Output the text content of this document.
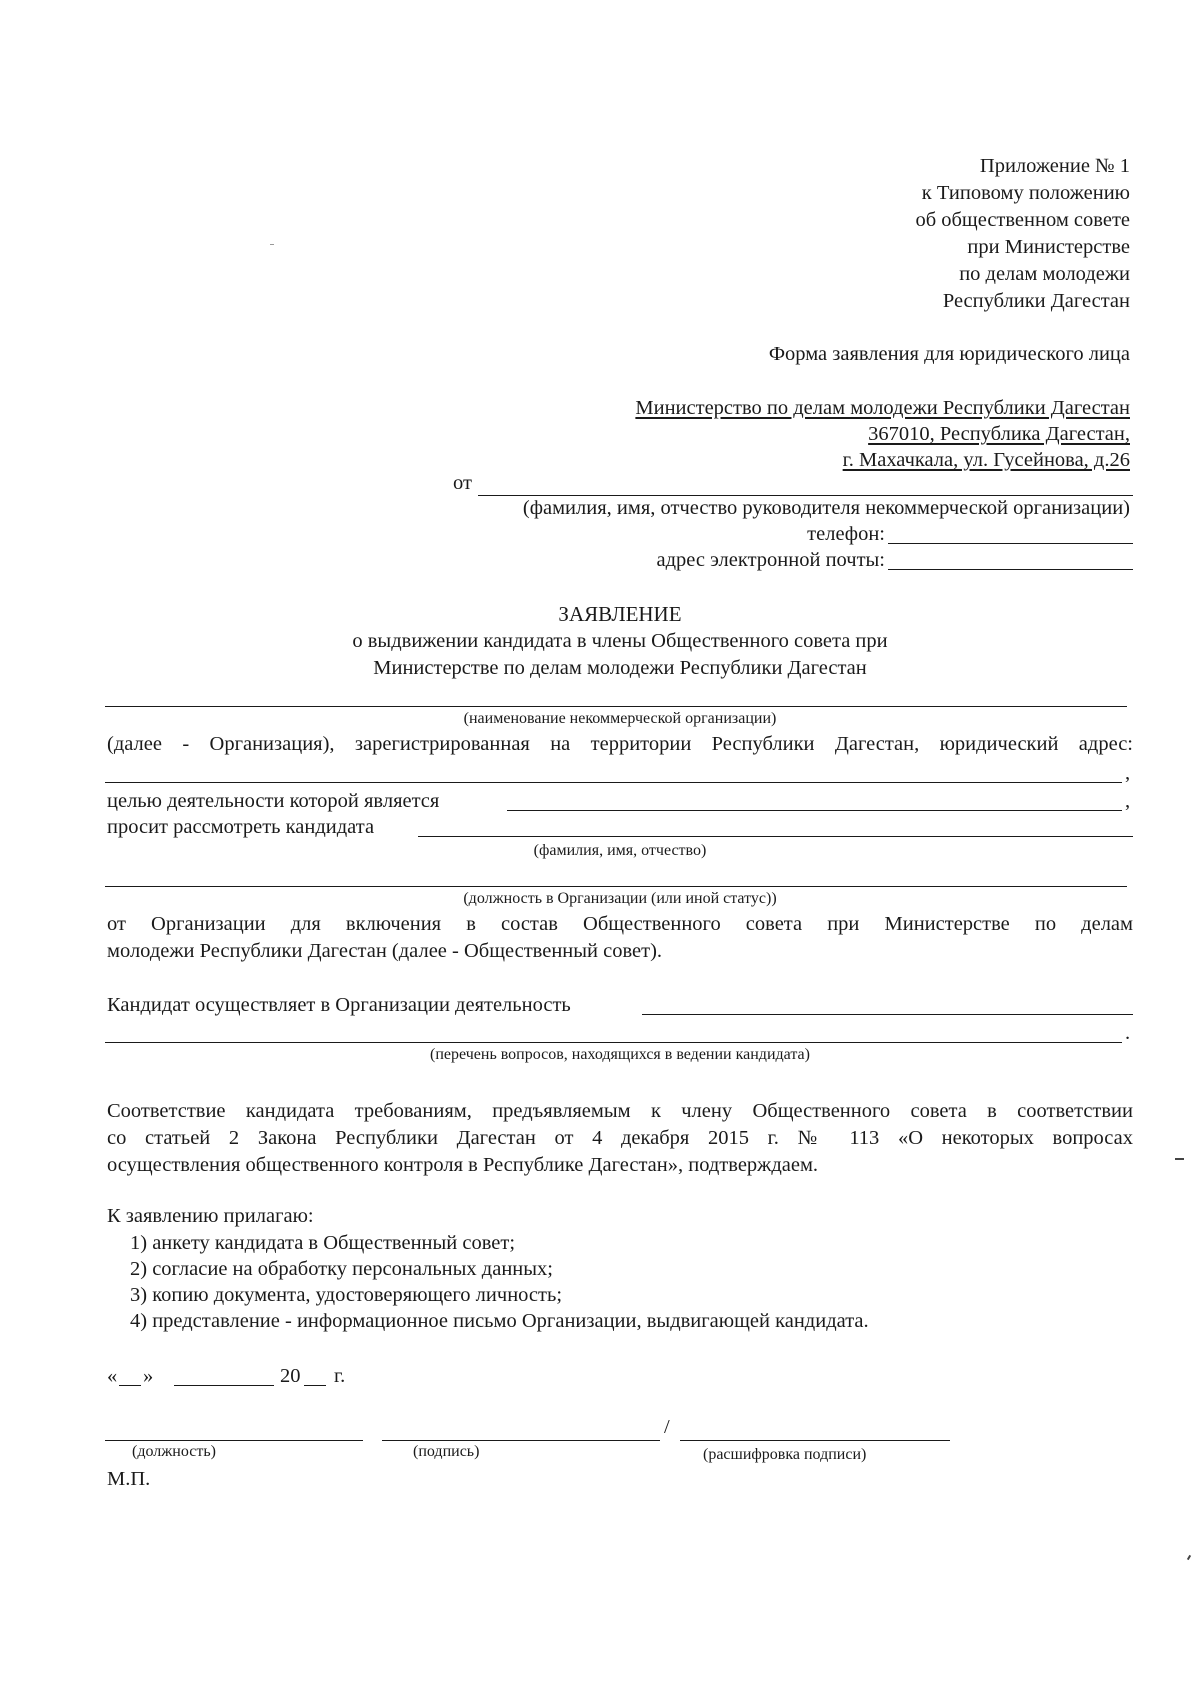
Приложение № 1
к Типовому положению
об общественном совете
при Министерстве
по делам молодежи
Республики Дагестан
Форма заявления для юридического лица
Министерство по делам молодежи Республики Дагестан
367010, Республика Дагестан,
г. Махачкала, ул. Гусейнова, д.26
от
(фамилия, имя, отчество руководителя некоммерческой организации)
телефон:
адрес электронной почты:
ЗАЯВЛЕНИЕ
о выдвижении кандидата в члены Общественного совета при
Министерстве по делам молодежи Республики Дагестан
(наименование некоммерческой организации)
(далее - Организация), зарегистрированная на территории Республики Дагестан, юридический адрес:
,
целью деятельности которой является	,
просит рассмотреть кандидата
(фамилия, имя, отчество)
(должность в Организации (или иной статус))
от Организации для включения в состав Общественного совета при Министерстве по делам
молодежи Республики Дагестан (далее - Общественный совет).
Кандидат осуществляет в Организации деятельность
.
(перечень вопросов, находящихся в ведении кандидата)
Соответствие кандидата требованиям, предъявляемым к члену Общественного совета в соответствии
со статьей 2 Закона Республики Дагестан от 4 декабря 2015 г. № 113 «О некоторых вопросах
осуществления общественного контроля в Республике Дагестан», подтверждаем.
К заявлению прилагаю:
1) анкету кандидата в Общественный совет;
2) согласие на обработку персональных данных;
3) копию документа, удостоверяющего личность;
4) представление - информационное письмо Организации, выдвигающей кандидата.
« »	20 г.
/
(должность)	(подпись)	(расшифровка подписи)
М.П.
